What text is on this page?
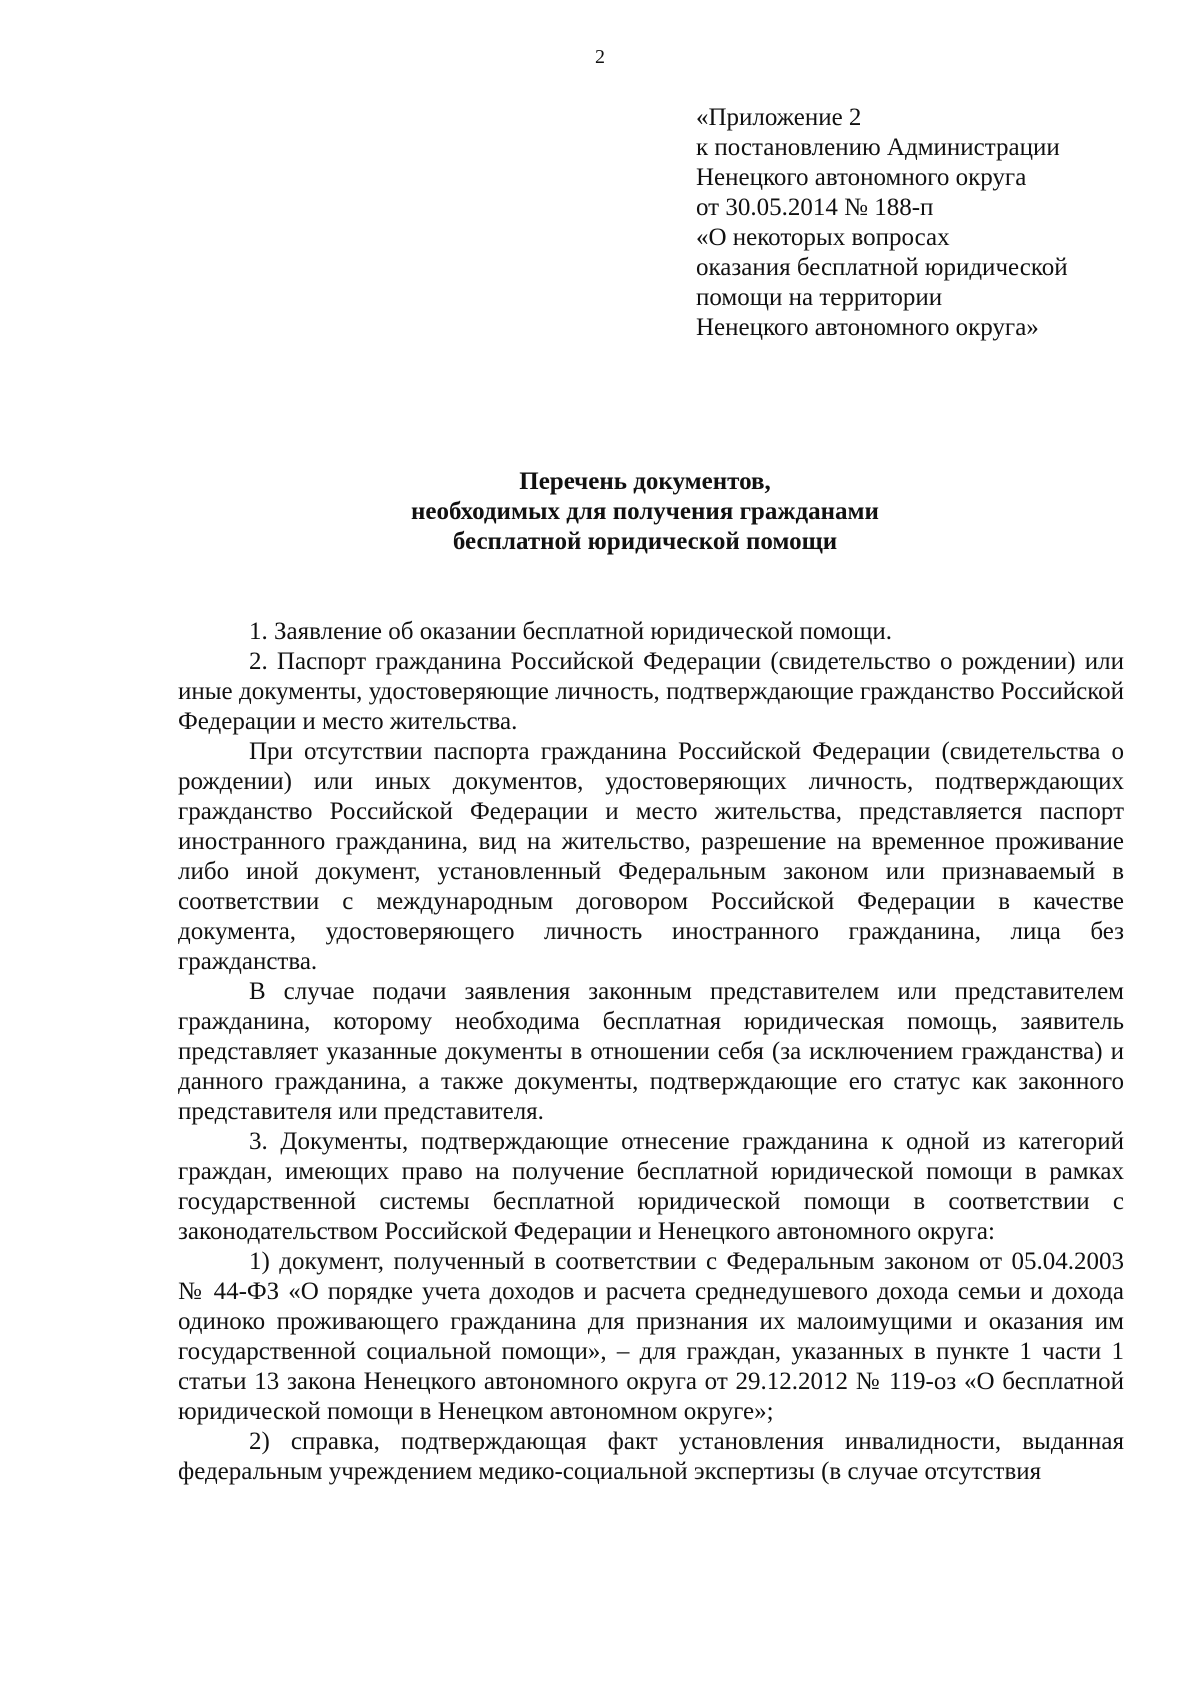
2
«Приложение 2
к постановлению Администрации
Ненецкого автономного округа
от 30.05.2014 № 188-п
«О некоторых вопросах
оказания бесплатной юридической
помощи на территории
Ненецкого автономного округа»
Перечень документов,
необходимых для получения гражданами
бесплатной юридической помощи

1. Заявление об оказании бесплатной юридической помощи.

2. Паспорт гражданина Российской Федерации (свидетельство о рождении) или иные документы, удостоверяющие личность, подтверждающие гражданство Российской Федерации и место жительства.

При отсутствии паспорта гражданина Российской Федерации (свидетельства о рождении) или иных документов, удостоверяющих личность, подтверждающих гражданство Российской Федерации и место жительства, представляется паспорт иностранного гражданина, вид на жительство, разрешение на временное проживание либо иной документ, установленный Федеральным законом или признаваемый в соответствии с международным договором Российской Федерации в качестве документа, удостоверяющего личность иностранного гражданина, лица без гражданства.

В случае подачи заявления законным представителем или представителем гражданина, которому необходима бесплатная юридическая помощь, заявитель представляет указанные документы в отношении себя (за исключением гражданства) и данного гражданина, а также документы, подтверждающие его статус как законного представителя или представителя.

3. Документы, подтверждающие отнесение гражданина к одной из категорий граждан, имеющих право на получение бесплатной юридической помощи в рамках государственной системы бесплатной юридической помощи в соответствии с законодательством Российской Федерации и Ненецкого автономного округа:

1) документ, полученный в соответствии с Федеральным законом от 05.04.2003 № 44-ФЗ «О порядке учета доходов и расчета среднедушевого дохода семьи и дохода одиноко проживающего гражданина для признания их малоимущими и оказания им государственной социальной помощи», – для граждан, указанных в пункте 1 части 1 статьи 13 закона Ненецкого автономного округа от 29.12.2012 № 119-оз «О бесплатной юридической помощи в Ненецком автономном округе»;

2) справка, подтверждающая факт установления инвалидности, выданная федеральным учреждением медико-социальной экспертизы (в случае отсутствия
